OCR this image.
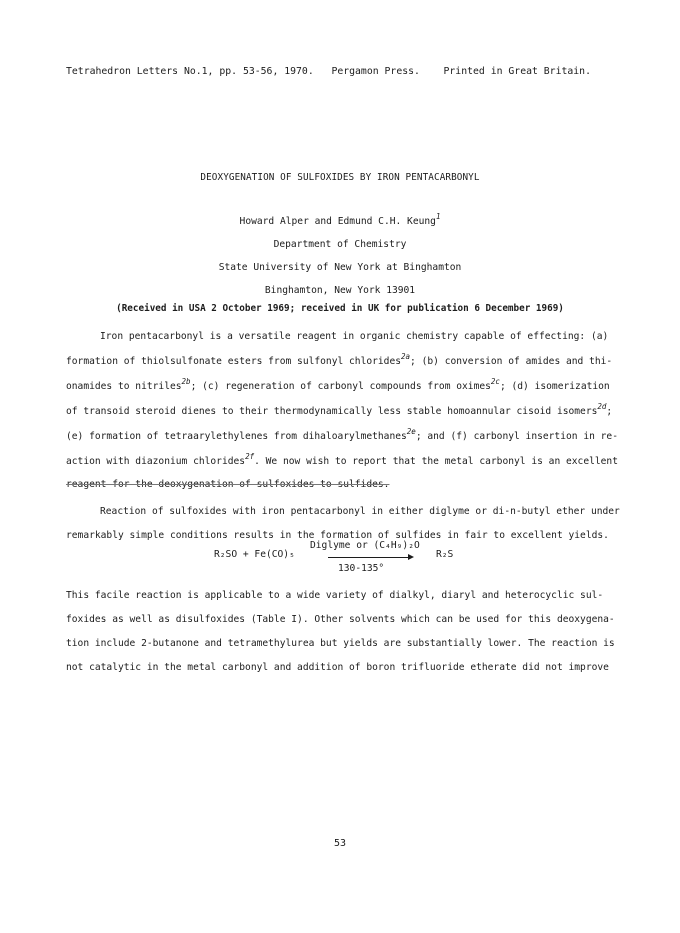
Tetrahedron Letters No.1, pp. 53-56, 1970. Pergamon Press. Printed in Great Britain.
DEOXYGENATION OF SULFOXIDES BY IRON PENTACARBONYL
Howard Alper and Edmund C.H. Keung$^1$
Department of Chemistry
State University of New York at Binghamton
Binghamton, New York 13901
(Received in USA 2 October 1969; received in UK for publication 6 December 1969)
Iron pentacarbonyl is a versatile reagent in organic chemistry capable of effecting: (a)
formation of thiolsulfonate esters from sulfonyl chlorides$^{2a}$; (b) conversion of amides and thi-
onamides to nitriles$^{2b}$; (c) regeneration of carbonyl compounds from oximes$^{2c}$; (d) isomerization
of transoid steroid dienes to their thermodynamically less stable homoannular cisoid isomers$^{2d}$;
(e) formation of tetraarylethylenes from dihaloarylmethanes$^{2e}$; and (f) carbonyl insertion in re-
action with diazonium chlorides$^{2f}$. We now wish to report that the metal carbonyl is an excellent
reagent for the deoxygenation of sulfoxides to sulfides.
Reaction of sulfoxides with iron pentacarbonyl in either diglyme or di-n-butyl ether under
remarkably simple conditions results in the formation of sulfides in fair to excellent yields.
Diglyme or (C₄H₉)₂O
R₂SO + Fe(CO)₅	R₂S
130-135°
This facile reaction is applicable to a wide variety of dialkyl, diaryl and heterocyclic sul-
foxides as well as disulfoxides (Table I). Other solvents which can be used for this deoxygena-
tion include 2-butanone and tetramethylurea but yields are substantially lower. The reaction is
not catalytic in the metal carbonyl and addition of boron trifluoride etherate did not improve
53
